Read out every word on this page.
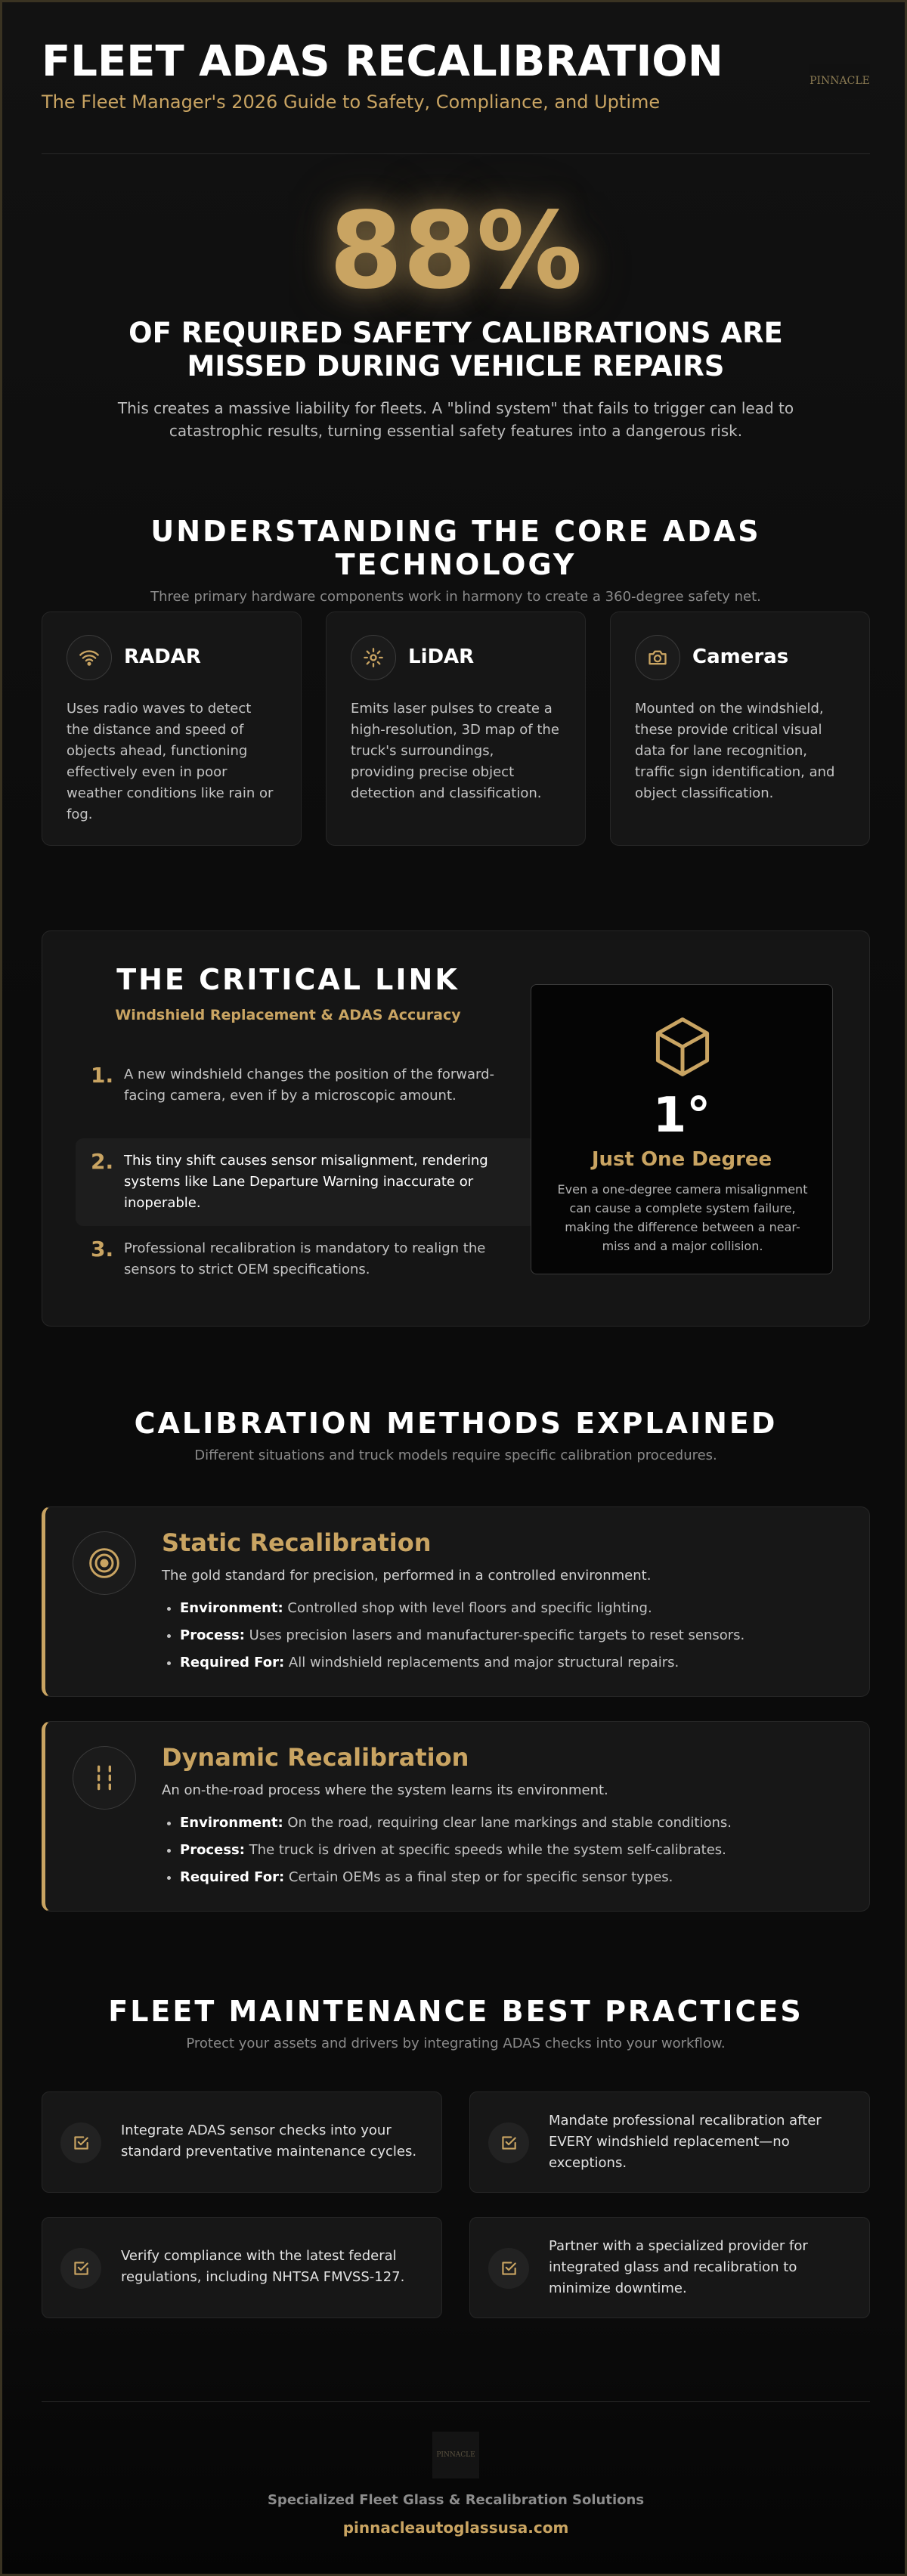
FLEET ADAS RECALIBRATION
The Fleet Manager's 2026 Guide to Safety, Compliance, and Uptime
PINNACLE
88%
OF REQUIRED SAFETY CALIBRATIONS ARE
MISSED DURING VEHICLE REPAIRS

This creates a massive liability for fleets. A "blind system" that fails to trigger can lead to catastrophic results, turning essential safety features into a dangerous risk.

UNDERSTANDING THE CORE ADAS TECHNOLOGY
Three primary hardware components work in harmony to create a 360-degree safety net.
RADAR

Uses radio waves to detect the distance and speed of objects ahead, functioning effectively even in poor weather conditions like rain or fog.

LiDAR

Emits laser pulses to create a high-resolution, 3D map of the truck's surroundings, providing precise object detection and classification.

Cameras

Mounted on the windshield, these provide critical visual data for lane recognition, traffic sign identification, and object classification.

THE CRITICAL LINK
Windshield Replacement & ADAS Accuracy
1. A new windshield changes the position of the forward-facing camera, even if by a microscopic amount.

2. This tiny shift causes sensor misalignment, rendering systems like Lane Departure Warning inaccurate or inoperable.

3. Professional recalibration is mandatory to realign the sensors to strict OEM specifications.

1°
Just One Degree

Even a one-degree camera misalignment can cause a complete system failure, making the difference between a near-miss and a major collision.

CALIBRATION METHODS EXPLAINED
Different situations and truck models require specific calibration procedures.
Static Recalibration
The gold standard for precision, performed in a controlled environment.
• Environment: Controlled shop with level floors and specific lighting.
• Process: Uses precision lasers and manufacturer-specific targets to reset sensors.
• Required For: All windshield replacements and major structural repairs.
Dynamic Recalibration
An on-the-road process where the system learns its environment.
• Environment: On the road, requiring clear lane markings and stable conditions.
• Process: The truck is driven at specific speeds while the system self-calibrates.
• Required For: Certain OEMs as a final step or for specific sensor types.
FLEET MAINTENANCE BEST PRACTICES
Protect your assets and drivers by integrating ADAS checks into your workflow.

Integrate ADAS sensor checks into your standard preventative maintenance cycles.

Mandate professional recalibration after EVERY windshield replacement—no exceptions.

Verify compliance with the latest federal regulations, including NHTSA FMVSS-127.

Partner with a specialized provider for integrated glass and recalibration to minimize downtime.

PINNACLE
Specialized Fleet Glass & Recalibration Solutions
pinnacleautoglassusa.com
